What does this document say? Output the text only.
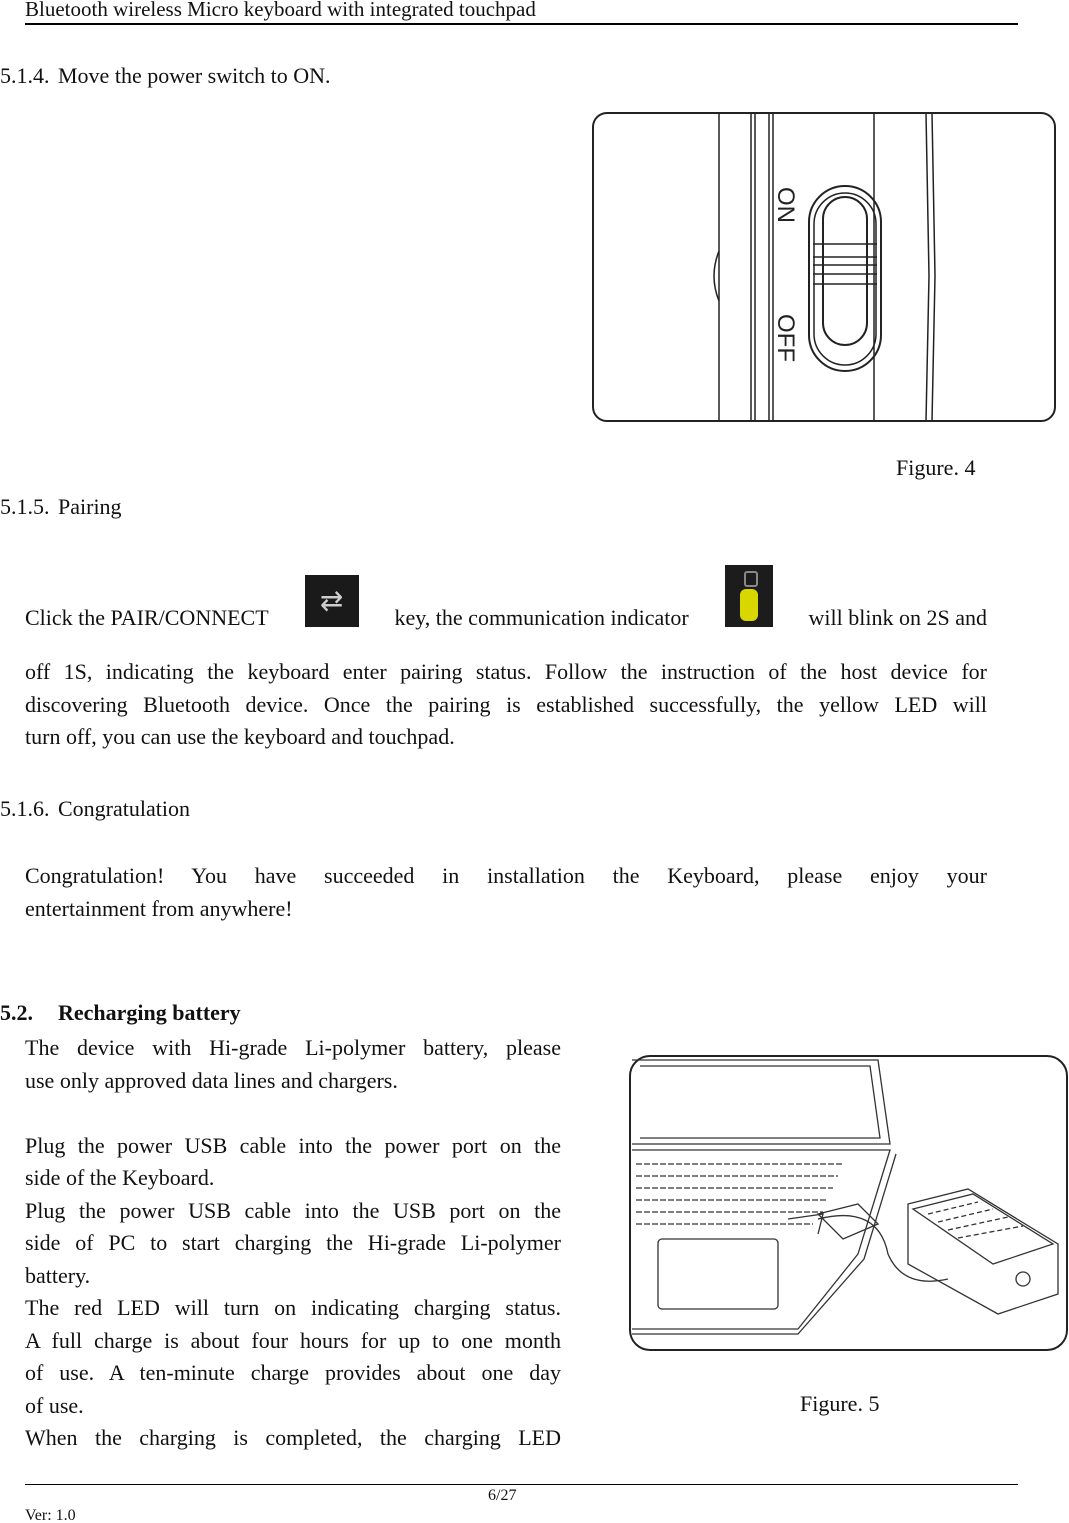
Bluetooth wireless Micro keyboard with integrated touchpad
5.1.4. Move the power switch to ON.
ON
OFF
Figure. 4
5.1.5. Pairing
Click the PAIR/CONNECT
⇄
key, the communication indicator	will blink on 2S and
off 1S, indicating the keyboard enter pairing status. Follow the instruction of the host device for
discovering Bluetooth device. Once the pairing is established successfully, the yellow LED will
turn off, you can use the keyboard and touchpad.
5.1.6. Congratulation
Congratulation!  You  have  succeeded  in  installation  the  Keyboard,  please  enjoy  your
entertainment from anywhere!
5.2. Recharging battery
The device with Hi-grade Li-polymer battery, please
use only approved data lines and chargers.
Plug the power USB cable into the power port on the
side of the Keyboard.
Plug the power USB cable into the USB port on the
side of PC to start charging the Hi-grade Li-polymer
battery.
The red LED will turn on indicating charging status.
A full charge is about four hours for up to one month
of use. A ten-minute charge provides about one day
of use.
When the charging is completed, the charging LED
Figure. 5
6/27
Ver: 1.0
